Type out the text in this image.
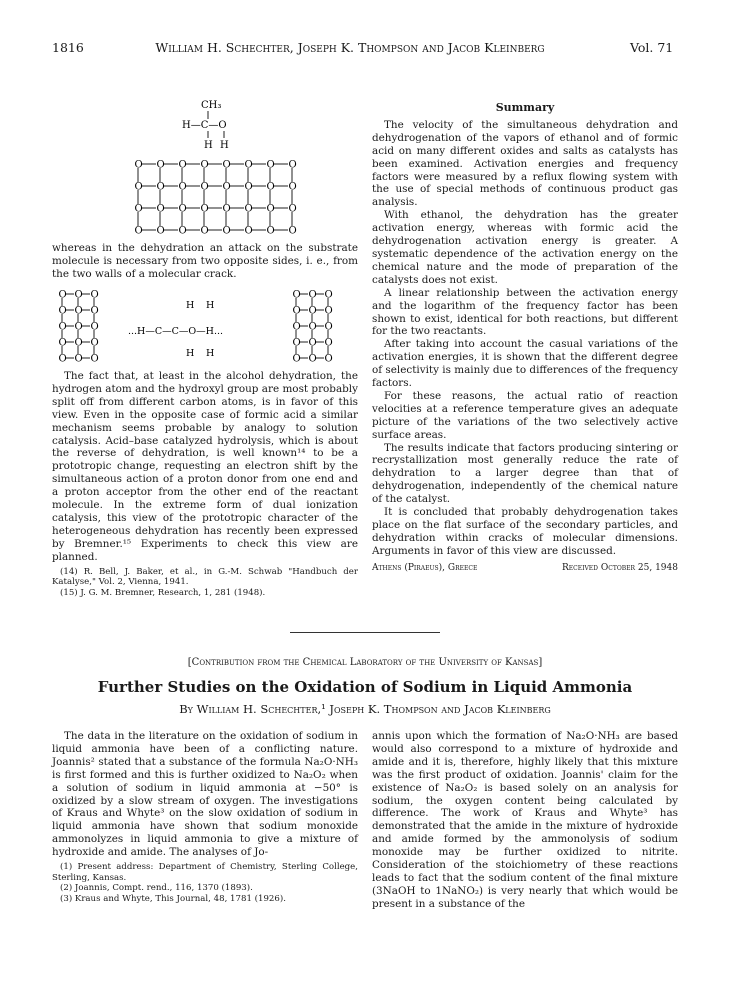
1816	William H. Schechter, Joseph K. Thompson and Jacob Kleinberg	Vol. 71
CH₃
H—C—O
H H
O O O O O O O O
O O O O O O O O
O O O O O O O O
O O O O O O O O

whereas in the dehydration an attack on the substrate molecule is necessary from two opposite sides, i. e., from the two walls of a molecular crack.

O O O
O O O
O O O
O O O
O O O
O O O
O O O
O O O
O O O
O O O
H H
...H—C—C—O—H...
H H

The fact that, at least in the alcohol dehydration, the hydrogen atom and the hydroxyl group are most probably split off from different carbon atoms, is in favor of this view. Even in the opposite case of formic acid a similar mechanism seems probable by analogy to solution catalysis. Acid–base catalyzed hydrolysis, which is about the reverse of dehydration, is well known¹⁴ to be a prototropic change, requesting an electron shift by the simultaneous action of a proton donor from one end and a proton acceptor from the other end of the reactant molecule. In the extreme form of dual ionization catalysis, this view of the prototropic character of the heterogeneous dehydration has recently been expressed by Bremner.¹⁵ Experiments to check this view are planned.

(14) R. Bell, J. Baker, et al., in G.-M. Schwab "Handbuch der Katalyse," Vol. 2, Vienna, 1941.

(15) J. G. M. Bremner, Research, 1, 281 (1948).

Summary

The velocity of the simultaneous dehydration and dehydrogenation of the vapors of ethanol and of formic acid on many different oxides and salts as catalysts has been examined. Activation energies and frequency factors were measured by a reflux flowing system with the use of special methods of continuous product gas analysis.

With ethanol, the dehydration has the greater activation energy, whereas with formic acid the dehydrogenation activation energy is greater. A systematic dependence of the activation energy on the chemical nature and the mode of preparation of the catalysts does not exist.

A linear relationship between the activation energy and the logarithm of the frequency factor has been shown to exist, identical for both reactions, but different for the two reactants.

After taking into account the casual variations of the activation energies, it is shown that the different degree of selectivity is mainly due to differences of the frequency factors.

For these reasons, the actual ratio of reaction velocities at a reference temperature gives an adequate picture of the variations of the two selectively active surface areas.

The results indicate that factors producing sintering or recrystallization most generally reduce the rate of dehydration to a larger degree than that of dehydrogenation, independently of the chemical nature of the catalyst.

It is concluded that probably dehydrogenation takes place on the flat surface of the secondary particles, and dehydration within cracks of molecular dimensions. Arguments in favor of this view are discussed.

Athens (Piraeus), Greece	Received October 25, 1948
[Contribution from the Chemical Laboratory of the University of Kansas]
Further Studies on the Oxidation of Sodium in Liquid Ammonia
By William H. Schechter,¹ Joseph K. Thompson and Jacob Kleinberg

The data in the literature on the oxidation of sodium in liquid ammonia have been of a conflicting nature. Joannis² stated that a substance of the formula Na₂O·NH₃ is first formed and this is further oxidized to Na₂O₂ when a solution of sodium in liquid ammonia at −50° is oxidized by a slow stream of oxygen. The investigations of Kraus and Whyte³ on the slow oxidation of sodium in liquid ammonia have shown that sodium monoxide ammonolyzes in liquid ammonia to give a mixture of hydroxide and amide. The analyses of Jo-

(1) Present address: Department of Chemistry, Sterling College, Sterling, Kansas.

(2) Joannis, Compt. rend., 116, 1370 (1893).

(3) Kraus and Whyte, This Journal, 48, 1781 (1926).

annis upon which the formation of Na₂O·NH₃ are based would also correspond to a mixture of hydroxide and amide and it is, therefore, highly likely that this mixture was the first product of oxidation. Joannis' claim for the existence of Na₂O₂ is based solely on an analysis for sodium, the oxygen content being calculated by difference. The work of Kraus and Whyte³ has demonstrated that the amide in the mixture of hydroxide and amide formed by the ammonolysis of sodium monoxide may be further oxidized to nitrite. Consideration of the stoichiometry of these reactions leads to fact that the sodium content of the final mixture (3NaOH to 1NaNO₂) is very nearly that which would be present in a substance of the
